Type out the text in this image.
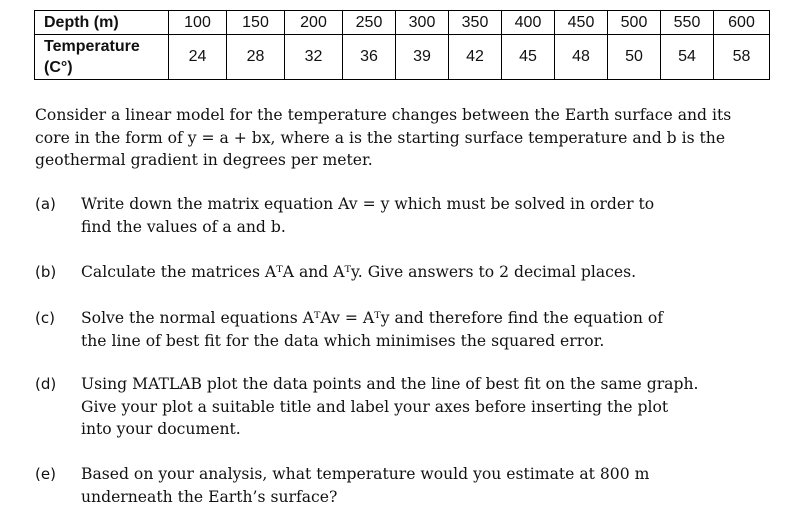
Depth (m)	100	150	200	250	300	350	400	450	500	550	600
Temperature
(C°)	24	28	32	36	39	42	45	48	50	54	58
Consider a linear model for the temperature changes between the Earth surface and its
core in the form of y = a + bx, where a is the starting surface temperature and b is the
geothermal gradient in degrees per meter.
(a) Write down the matrix equation Av = y which must be solved in order to
find the values of a and b.
(b) Calculate the matrices AᵀA and Aᵀy. Give answers to 2 decimal places.
(c) Solve the normal equations AᵀAv = Aᵀy and therefore find the equation of
the line of best fit for the data which minimises the squared error.
(d) Using MATLAB plot the data points and the line of best fit on the same graph.
Give your plot a suitable title and label your axes before inserting the plot
into your document.
(e) Based on your analysis, what temperature would you estimate at 800 m
underneath the Earth’s surface?
